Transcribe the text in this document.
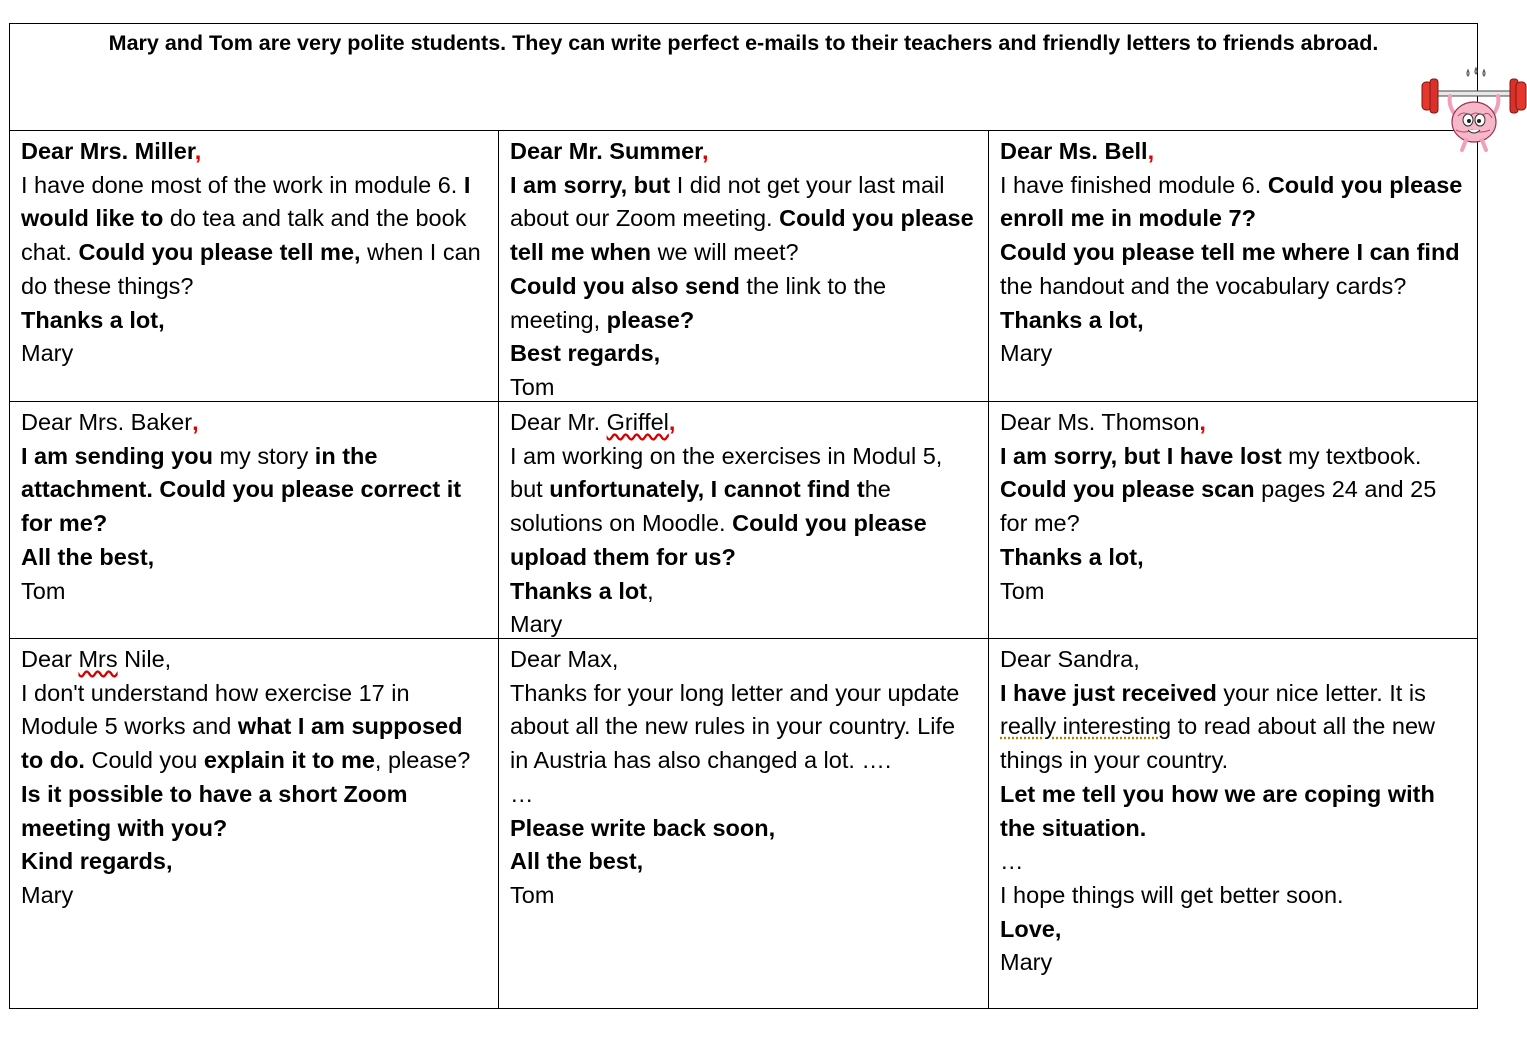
Mary and Tom are very polite students. They can write perfect e-mails to their teachers and friendly letters to friends abroad.
Dear Mrs. Miller,
I have done most of the work in module 6. I would like to do tea and talk and the book chat. Could you please tell me, when I can do these things?
Thanks a lot,
Mary
Dear Mr. Summer,
I am sorry, but I did not get your last mail about our Zoom meeting. Could you please tell me when we will meet?
Could you also send the link to the meeting, please?
Best regards,
Tom
Dear Ms. Bell,
I have finished module 6. Could you please enroll me in module 7?
Could you please tell me where I can find the handout and the vocabulary cards?
Thanks a lot,
Mary
Dear Mrs. Baker,
I am sending you my story in the attachment. Could you please correct it for me?
All the best,
Tom
Dear Mr. Griffel,
I am working on the exercises in Modul 5, but unfortunately, I cannot find the solutions on Moodle. Could you please upload them for us?
Thanks a lot,
Mary
Dear Ms. Thomson,
I am sorry, but I have lost my textbook.
Could you please scan pages 24 and 25 for me?
Thanks a lot,
Tom
Dear Mrs Nile,
I don't understand how exercise 17 in Module 5 works and what I am supposed to do. Could you explain it to me, please?
Is it possible to have a short Zoom meeting with you?
Kind regards,
Mary
Dear Max,
Thanks for your long letter and your update about all the new rules in your country. Life in Austria has also changed a lot. ….
…
Please write back soon,
All the best,
Tom
Dear Sandra,
I have just received your nice letter. It is really interesting to read about all the new things in your country.
Let me tell you how we are coping with the situation.
…
I hope things will get better soon.
Love,
Mary
